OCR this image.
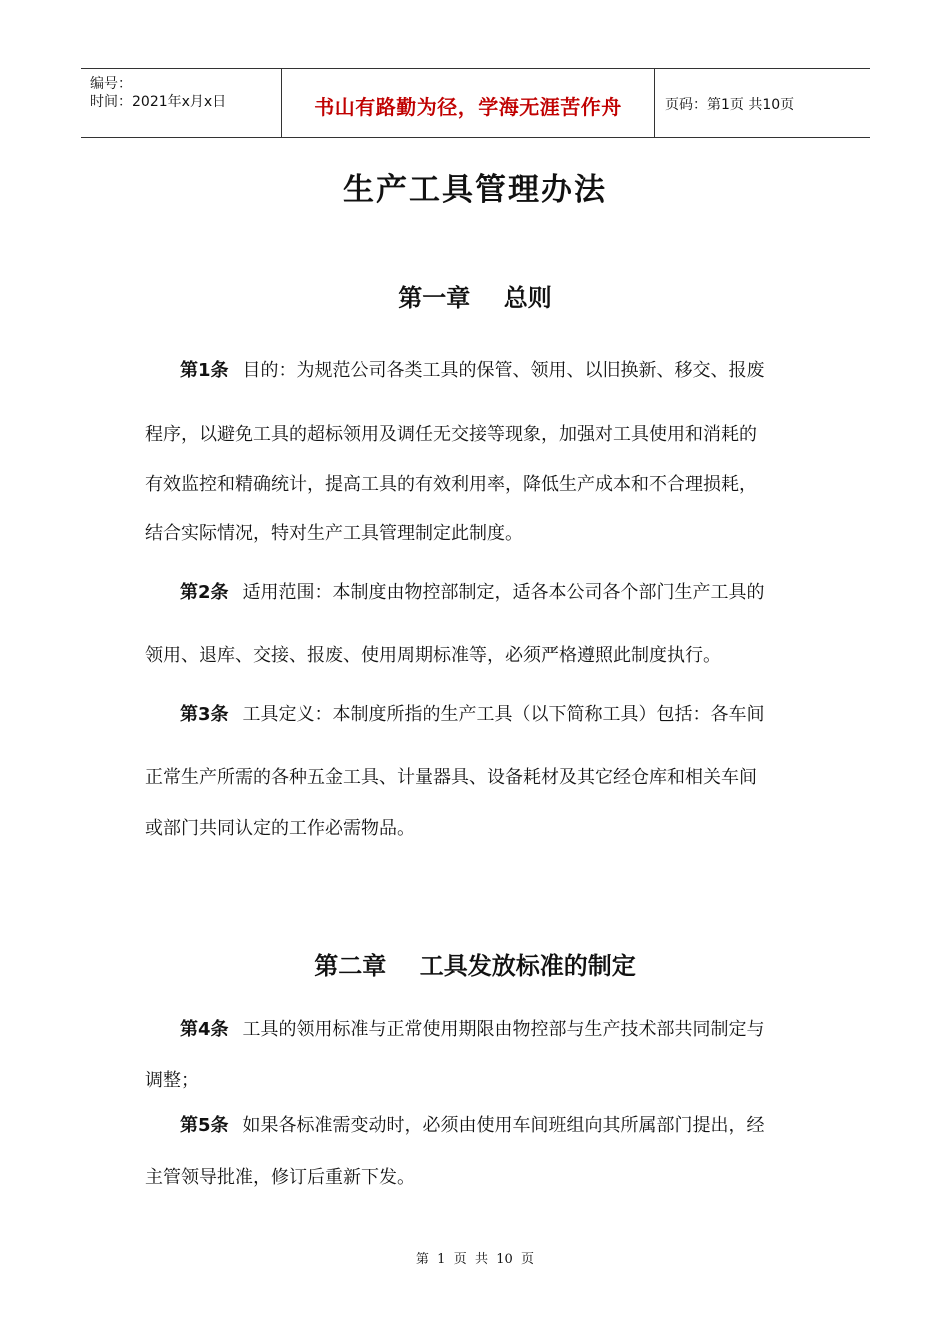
编号：
时间：2021年x月x日	书山有路勤为径，学海无涯苦作舟	页码：第1页 共10页
生产工具管理办法
第一章    总则
第1条 目的：为规范公司各类工具的保管、领用、以旧换新、移交、报废
程序，以避免工具的超标领用及调任无交接等现象，加强对工具使用和消耗的
有效监控和精确统计，提高工具的有效利用率，降低生产成本和不合理损耗，
结合实际情况，特对生产工具管理制定此制度。
第2条 适用范围：本制度由物控部制定，适各本公司各个部门生产工具的
领用、退库、交接、报废、使用周期标准等，必须严格遵照此制度执行。
第3条 工具定义：本制度所指的生产工具（以下简称工具）包括：各车间
正常生产所需的各种五金工具、计量器具、设备耗材及其它经仓库和相关车间
或部门共同认定的工作必需物品。
第二章    工具发放标准的制定
第4条 工具的领用标准与正常使用期限由物控部与生产技术部共同制定与
调整；
第5条 如果各标准需变动时，必须由使用车间班组向其所属部门提出，经
主管领导批准，修订后重新下发。
第  1  页  共  10  页
